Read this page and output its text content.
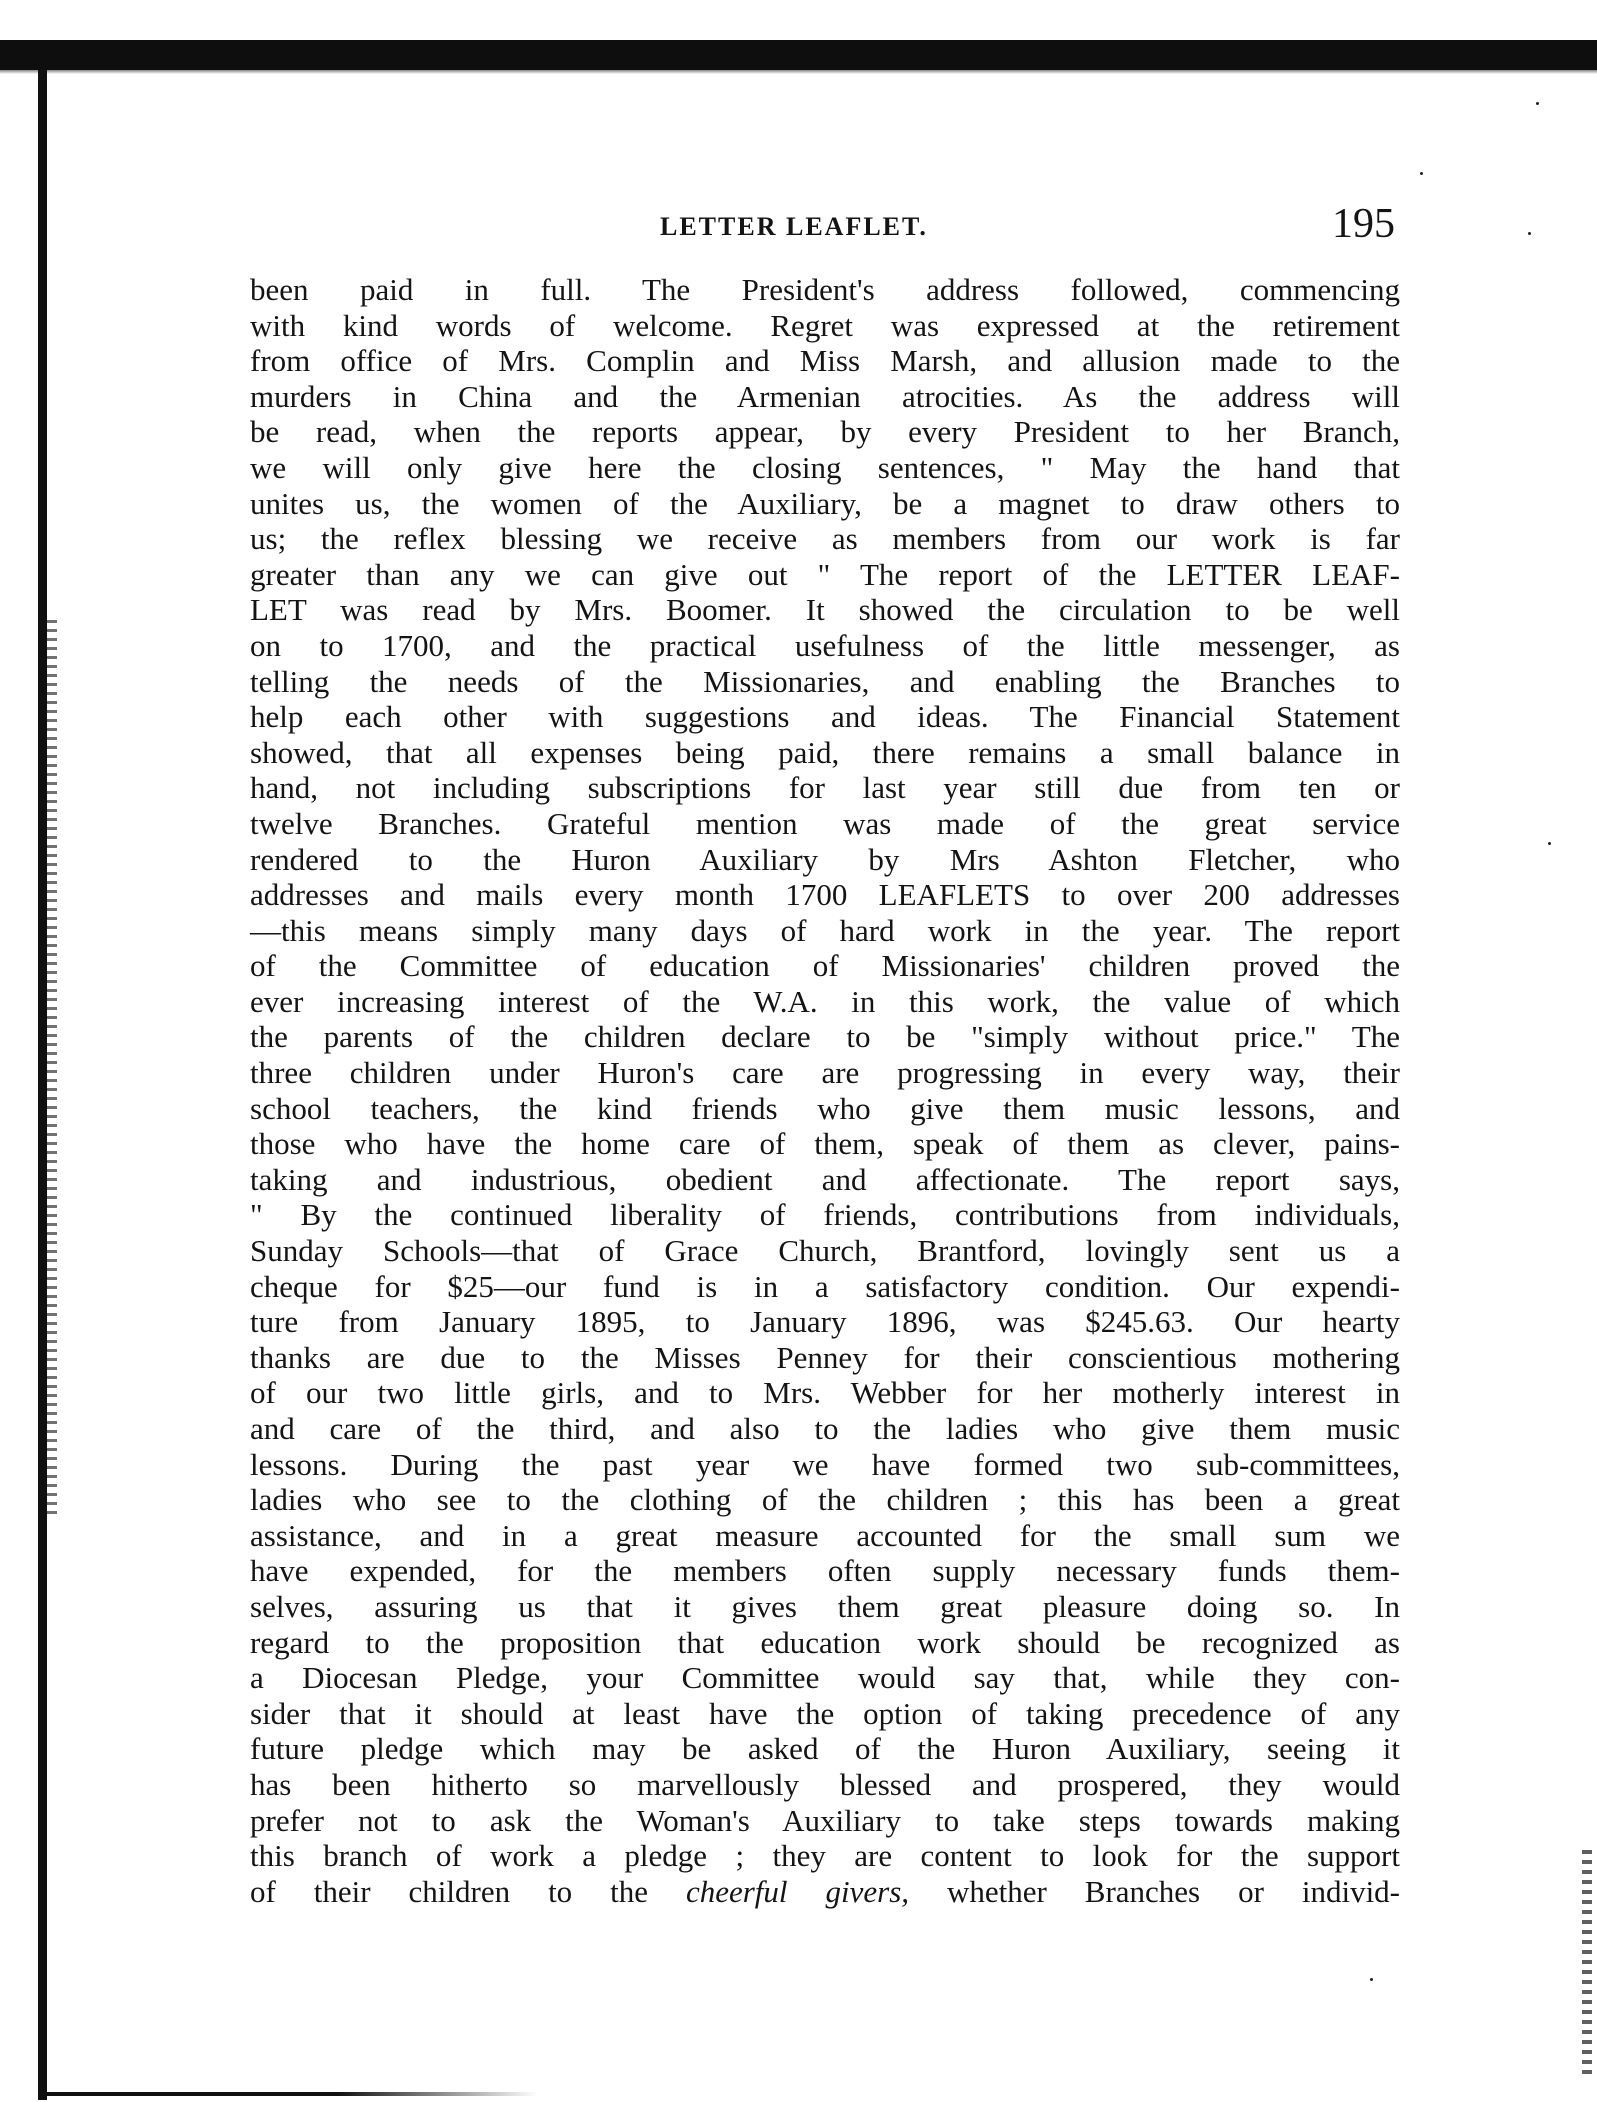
LETTER LEAFLET.	195
been paid in full. The President's address followed, commencing
with kind words of welcome. Regret was expressed at the retirement
from office of Mrs. Complin and Miss Marsh, and allusion made to the
murders in China and the Armenian atrocities. As the address will
be read, when the reports appear, by every President to her Branch,
we will only give here the closing sentences, " May the hand that
unites us, the women of the Auxiliary, be a magnet to draw others to
us; the reflex blessing we receive as members from our work is far
greater than any we can give out " The report of the LETTER LEAF-
LET was read by Mrs. Boomer. It showed the circulation to be well
on to 1700, and the practical usefulness of the little messenger, as
telling the needs of the Missionaries, and enabling the Branches to
help each other with suggestions and ideas. The Financial Statement
showed, that all expenses being paid, there remains a small balance in
hand, not including subscriptions for last year still due from ten or
twelve Branches. Grateful mention was made of the great service
rendered to the Huron Auxiliary by Mrs Ashton Fletcher, who
addresses and mails every month 1700 LEAFLETS to over 200 addresses
—this means simply many days of hard work in the year. The report
of the Committee of education of Missionaries' children proved the
ever increasing interest of the W.A. in this work, the value of which
the parents of the children declare to be "simply without price." The
three children under Huron's care are progressing in every way, their
school teachers, the kind friends who give them music lessons, and
those who have the home care of them, speak of them as clever, pains-
taking and industrious, obedient and affectionate. The report says,
" By the continued liberality of friends, contributions from individuals,
Sunday Schools—that of Grace Church, Brantford, lovingly sent us a
cheque for $25—our fund is in a satisfactory condition. Our expendi-
ture from January 1895, to January 1896, was $245.63. Our hearty
thanks are due to the Misses Penney for their conscientious mothering
of our two little girls, and to Mrs. Webber for her motherly interest in
and care of the third, and also to the ladies who give them music
lessons. During the past year we have formed two sub-committees,
ladies who see to the clothing of the children ; this has been a great
assistance, and in a great measure accounted for the small sum we
have expended, for the members often supply necessary funds them-
selves, assuring us that it gives them great pleasure doing so. In
regard to the proposition that education work should be recognized as
a Diocesan Pledge, your Committee would say that, while they con-
sider that it should at least have the option of taking precedence of any
future pledge which may be asked of the Huron Auxiliary, seeing it
has been hitherto so marvellously blessed and prospered, they would
prefer not to ask the Woman's Auxiliary to take steps towards making
this branch of work a pledge ; they are content to look for the support
of their children to the cheerful givers, whether Branches or individ-
